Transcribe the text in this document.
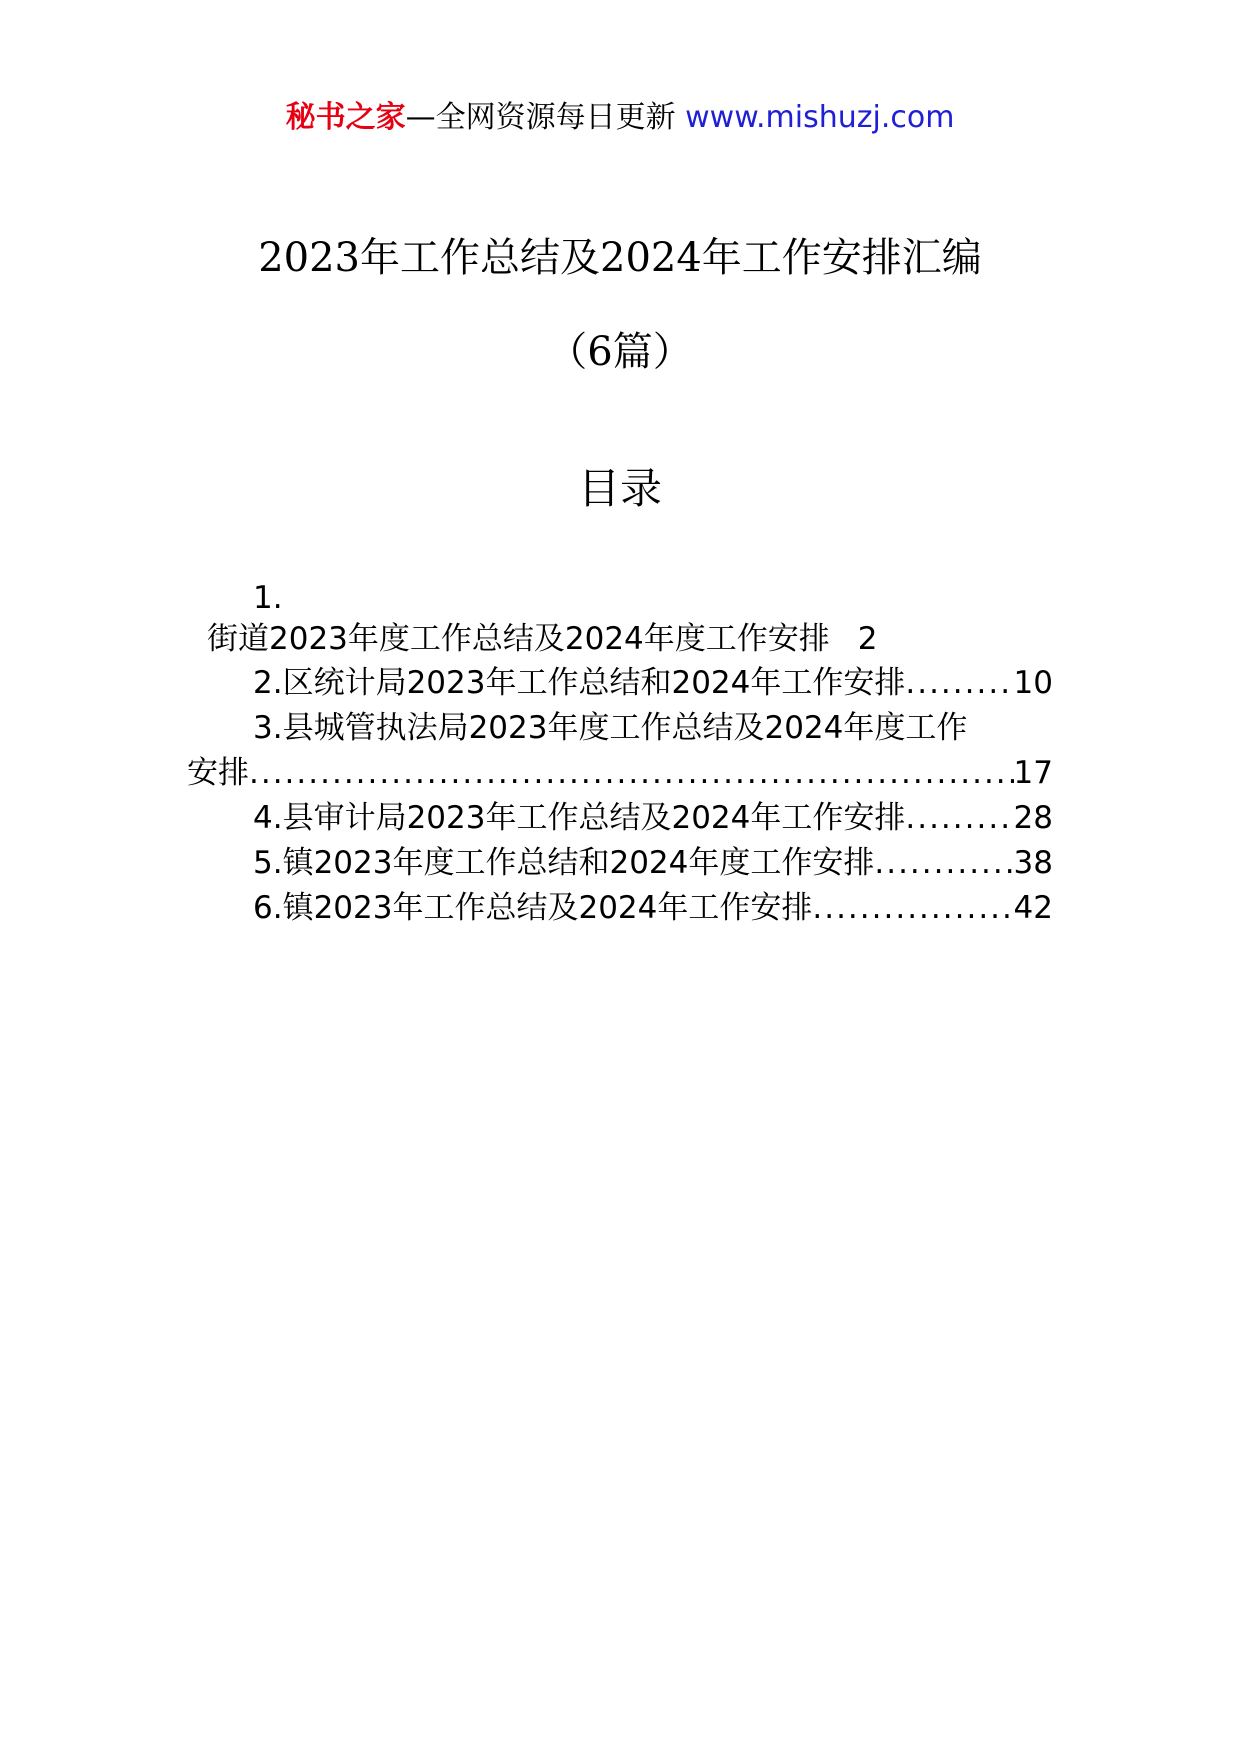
秘书之家—全网资源每日更新 www.mishuzj.com
2023年工作总结及2024年工作安排汇编
（6篇）
目录
1.
街道2023年度工作总结及2024年度工作安排 2
2.区统计局2023年工作总结和2024年工作安排 .....	10
3.县城管执法局2023年度工作总结及2024年度工作
安排 .....	17
4.县审计局2023年工作总结及2024年工作安排 .....	28
5.镇2023年度工作总结和2024年度工作安排 .....	38
6.镇2023年工作总结及2024年工作安排 .....	42
